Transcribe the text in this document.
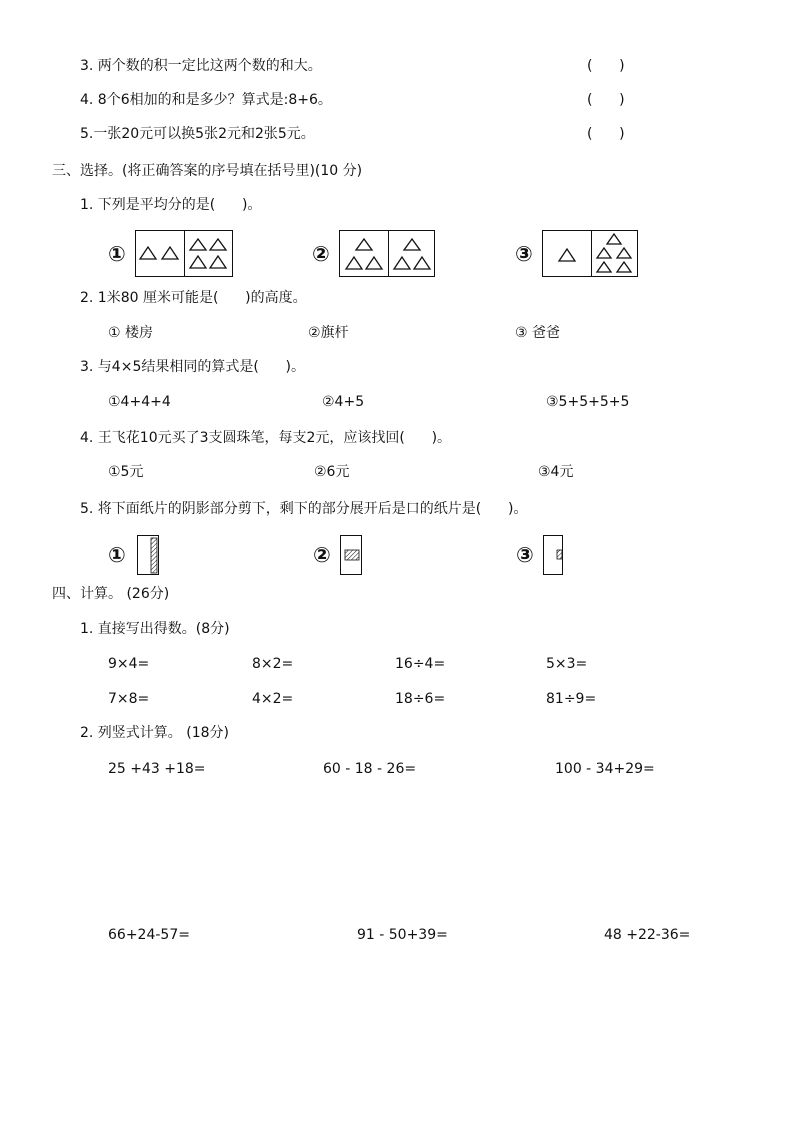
3. 两个数的积一定比这两个数的和大。	(      )
4. 8个6相加的和是多少？算式是:8+6。	(      )
5.一张20元可以换5张2元和2张5元。	(      )
三、选择。(将正确答案的序号填在括号里)(10 分)
1. 下列是平均分的是(      )。
①	②	③
2. 1米80 厘米可能是(      )的高度。
① 楼房	②旗杆	③ 爸爸
3. 与4×5结果相同的算式是(      )。
①4+4+4	②4+5	③5+5+5+5
4. 王飞花10元买了3支圆珠笔，每支2元，应该找回(      )。
①5元	②6元	③4元
5. 将下面纸片的阴影部分剪下，剩下的部分展开后是口的纸片是(      )。
①	②	③
四、计算。 (26分)
1. 直接写出得数。(8分)
9×4=	8×2=	16÷4=	5×3=
7×8=	4×2=	18÷6=	81÷9=
2. 列竖式计算。 (18分)
25 +43 +18=	60 - 18 - 26=	100 - 34+29=
66+24-57=	91 - 50+39=	48 +22-36=
